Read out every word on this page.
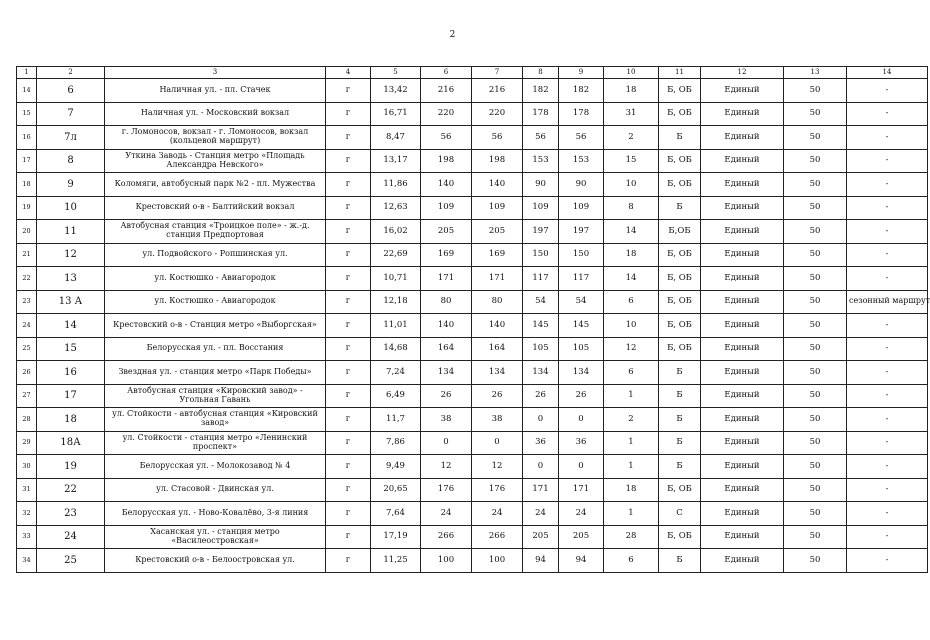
2
1	2	3	4	5	6	7	8	9	10	11	12	13	14
14	6	Наличная ул. - пл. Стачек	г	13,42	216	216	182	182	18	Б, ОБ	Единый	50	-
15	7	Наличная ул. - Московский вокзал	г	16,71	220	220	178	178	31	Б, ОБ	Единый	50	-
16	7л	г. Ломоносов, вокзал - г. Ломоносов, вокзал (кольцевой маршрут)	г	8,47	56	56	56	56	2	Б	Единый	50	-
17	8	Уткина Заводь - Станция метро «Площадь Александра Невского»	г	13,17	198	198	153	153	15	Б, ОБ	Единый	50	-
18	9	Коломяги, автобусный парк №2 - пл. Мужества	г	11,86	140	140	90	90	10	Б, ОБ	Единый	50	-
19	10	Крестовский о-в - Балтийский вокзал	г	12,63	109	109	109	109	8	Б	Единый	50	-
20	11	Автобусная станция «Троицкое поле» - ж.-д. станция Предпортовая	г	16,02	205	205	197	197	14	Б,ОБ	Единый	50	-
21	12	ул. Подвойского - Ропшинская ул.	г	22,69	169	169	150	150	18	Б, ОБ	Единый	50	-
22	13	ул. Костюшко - Авиагородок	г	10,71	171	171	117	117	14	Б, ОБ	Единый	50	-
23	13 А	ул. Костюшко - Авиагородок	г	12,18	80	80	54	54	6	Б, ОБ	Единый	50	сезонный маршрут
24	14	Крестовский о-в - Станция метро «Выборгская»	г	11,01	140	140	145	145	10	Б, ОБ	Единый	50	-
25	15	Белорусская ул. - пл. Восстания	г	14,68	164	164	105	105	12	Б, ОБ	Единый	50	-
26	16	Звездная ул. - станция метро «Парк Победы»	г	7,24	134	134	134	134	6	Б	Единый	50	-
27	17	Автобусная станция «Кировский завод» - Угольная Гавань	г	6,49	26	26	26	26	1	Б	Единый	50	-
28	18	ул. Стойкости - автобусная станция «Кировский завод»	г	11,7	38	38	0	0	2	Б	Единый	50	-
29	18А	ул. Стойкости - станция метро «Ленинский проспект»	г	7,86	0	0	36	36	1	Б	Единый	50	-
30	19	Белорусская ул. - Молокозавод № 4	г	9,49	12	12	0	0	1	Б	Единый	50	-
31	22	ул. Стасовой - Двинская ул.	г	20,65	176	176	171	171	18	Б, ОБ	Единый	50	-
32	23	Белорусская ул. - Ново-Ковалёво, 3-я линия	г	7,64	24	24	24	24	1	С	Единый	50	-
33	24	Хасанская ул. - станция метро «Василеостровская»	г	17,19	266	266	205	205	28	Б, ОБ	Единый	50	-
34	25	Крестовский о-в - Белоостровская ул.	г	11,25	100	100	94	94	6	Б	Единый	50	-
